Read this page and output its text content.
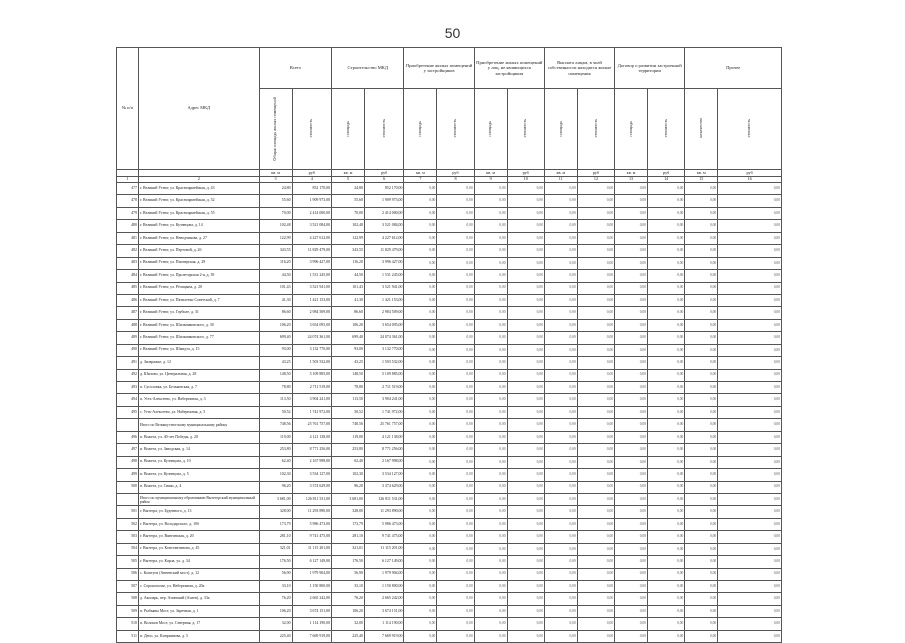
50
№ п/п	Адрес МКД	Всего		Строительство МКД		Приобретение жилых помещений у застройщиков		Приобретение жилых помещений у лиц, не являющихся застройщиком		Выплата лицам, в чьей собственности находятся жилые помещения		Договор о развитии застроенной территории		Прочее	
		Общая площадь жилых помещений	стоимость	площадь	стоимость	площадь	стоимость	площадь	стоимость	площадь	стоимость	площадь	стоимость	количество	стоимость
		кв. м	руб	кв. м	руб	кв. м	руб	кв. м	руб	кв. м	руб	кв. м	руб	кв. м	руб
1	2	3	4	5	6	7	8	9	10	11	12	13	14	15	16
477	г. Великий Устюг, ул. Красноармейская, д. 43	24,80	852 170,00	24,80	852 170,00	0,00	0,00	0,00	0,00	0,00	0,00	0,00	0,00	0,00	0,00
478	г. Великий Устюг, ул. Красноармейская, д. 52	55,60	1 909 973,00	55,60	1 909 973,00	0,00	0,00	0,00	0,00	0,00	0,00	0,00	0,00	0,00	0,00
479	г. Великий Устюг, ул. Красноармейская, д. 55	70,00	2 414 000,00	70,00	2 414 000,00	0,00	0,00	0,00	0,00	0,00	0,00	0,00	0,00	0,00	0,00
480	г. Великий Устюг, ул. Кузнецова, д. 14	102,48	3 521 084,00	102,48	3 521 084,00	0,00	0,00	0,00	0,00	0,00	0,00	0,00	0,00	0,00	0,00
481	г. Великий Устюг, ул. Неводчикова, д. 27	122,99	4 227 612,00	122,99	4 227 612,00	0,00	0,00	0,00	0,00	0,00	0,00	0,00	0,00	0,00	0,00
482	г. Великий Устюг, ул. Пертовой, д. 26	343,55	11 829 479,00	343,55	11 829 479,00	0,00	0,00	0,00	0,00	0,00	0,00	0,00	0,00	0,00	0,00
483	г. Великий Устюг, ул. Пионерская, д. 29	116,20	3 996 427,00	116,20	3 996 427,00	0,00	0,00	0,00	0,00	0,00	0,00	0,00	0,00	0,00	0,00
484	г. Великий Устюг, ул. Пролетарская 2-я, д. 39	44,50	1 531 245,00	44,50	1 531 245,00	0,00	0,00	0,00	0,00	0,00	0,00	0,00	0,00	0,00	0,00
485	г. Великий Устюг, ул. Рёлицына, д. 20	101,43	3 521 941,00	101,43	3 521 941,00	0,00	0,00	0,00	0,00	0,00	0,00	0,00	0,00	0,00	0,00
486	г. Великий Устюг, ул. Пятилетки Советской, д. 7	41,30	1 421 153,00	41,30	1 421 153,00	0,00	0,00	0,00	0,00	0,00	0,00	0,00	0,00	0,00	0,00
487	г. Великий Устюг, ул. Гаубиле, д. 31	86,60	2 984 509,00	86,60	2 984 509,00	0,00	0,00	0,00	0,00	0,00	0,00	0,00	0,00	0,00	0,00
488	г. Великий Устюг, ул. Шильниковского, д. 30	106,20	3 654 095,00	106,20	3 654 095,00	0,00	0,00	0,00	0,00	0,00	0,00	0,00	0,00	0,00	0,00
489	г. Великий Устюг, ул. Шильниковского, д. 77	699,40	24 074 361,00	699,40	24 074 361,00	0,00	0,00	0,00	0,00	0,00	0,00	0,00	0,00	0,00	0,00
490	г. Великий Устюг, ул. Шмидта, д. 15	93,00	3 132 770,00	93,00	3 132 770,00	0,00	0,00	0,00	0,00	0,00	0,00	0,00	0,00	0,00	0,00
491	д. Заовражье, д. 12	43,25	1 503 532,00	43,25	1 503 532,00	0,00	0,00	0,00	0,00	0,00	0,00	0,00	0,00	0,00	0,00
492	д. Шилово, ул. Центральная, д. 28	148,50	5 109 885,00	148,50	5 109 885,00	0,00	0,00	0,00	0,00	0,00	0,00	0,00	0,00	0,00	0,00
493	п. Сусоловка, ул. Бельковская, д. 7	78,80	2 711 519,00	78,80	2 711 519,00	0,00	0,00	0,00	0,00	0,00	0,00	0,00	0,00	0,00	0,00
494	п. Усть-Алексеево, ул. Набережная, д. 3	113,50	3 904 241,00	113,50	3 904 241,00	0,00	0,00	0,00	0,00	0,00	0,00	0,00	0,00	0,00	0,00
495	с. Усть-Алексеево, ул. Набережная, д. 5	50,52	1 741 972,00	50,52	1 741 972,00	0,00	0,00	0,00	0,00	0,00	0,00	0,00	0,00	0,00	0,00
	Итого по Великоустюгскому муниципальному району	748,56	25 761 757,00	748,56	25 761 757,00	0,00	0,00	0,00	0,00	0,00	0,00	0,00	0,00	0,00	0,00
496	п. Вожега, ул. 40-лет Победы, д. 20	119,00	4 121 138,00	119,00	4 121 138,00	0,00	0,00	0,00	0,00	0,00	0,00	0,00	0,00	0,00	0,00
497	п. Вожега, ул. Заводская, д. 14	253,80	8 771 256,00	253,80	8 771 256,00	0,00	0,00	0,00	0,00	0,00	0,00	0,00	0,00	0,00	0,00
498	п. Вожега, ул. Кузнецова, д. 10	62,40	2 167 998,00	62,40	2 167 998,00	0,00	0,00	0,00	0,00	0,00	0,00	0,00	0,00	0,00	0,00
499	п. Вожега, ул. Кузнецова, д. 5	102,30	3 534 127,00	102,30	3 534 127,00	0,00	0,00	0,00	0,00	0,00	0,00	0,00	0,00	0,00	0,00
500	п. Вожега, ул. Связи, д. 4	96,20	3 374 629,00	96,20	3 374 629,00	0,00	0,00	0,00	0,00	0,00	0,00	0,00	0,00	0,00	0,00
	Итого по муниципальному образованию Вытегорский муниципальный район	3 681,00	126 811 531,00	3 681,00	126 811 531,00	0,00	0,00	0,00	0,00	0,00	0,00	0,00	0,00	0,00	0,00
501	г. Вытегра, ул. Буденного, д. 13	328,00	11 293 890,00	328,00	11 293 890,00	0,00	0,00	0,00	0,00	0,00	0,00	0,00	0,00	0,00	0,00
502	г. Вытегра, ул. Володарского, д. 10б	173,79	5 986 473,00	173,79	5 986 473,00	0,00	0,00	0,00	0,00	0,00	0,00	0,00	0,00	0,00	0,00
503	г. Вытегра, ул. Вянгинская, д. 20	281,10	9 741 475,00	281,10	9 741 475,00	0,00	0,00	0,00	0,00	0,00	0,00	0,00	0,00	0,00	0,00
504	г. Вытегра, ул. Константинова, д. 45	321,01	11 115 201,00	321,01	11 115 201,00	0,00	0,00	0,00	0,00	0,00	0,00	0,00	0,00	0,00	0,00
505	г. Вытегра, ул. Карла, ул. д. 34	176,50	6 127 149,00	176,50	6 127 149,00	0,00	0,00	0,00	0,00	0,00	0,00	0,00	0,00	0,00	0,00
506	с. Коштуги (Анненский мост), д. 12	56,90	1 979 904,00	56,90	1 979 904,00	0,00	0,00	0,00	0,00	0,00	0,00	0,00	0,00	0,00	0,00
507	с. Сорокополье, ул. Набережная, д. 20а	33,10	1 150 800,00	33,10	1 150 800,00	0,00	0,00	0,00	0,00	0,00	0,00	0,00	0,00	0,00	0,00
508	д. Акиларь, пер. Ачинский (Ачаев), д. 33а	76,20	2 665 242,00	76,20	2 665 242,00	0,00	0,00	0,00	0,00	0,00	0,00	0,00	0,00	0,00	0,00
509	п. Рыбьявы Мост, ул. Заречная, д. 1	106,20	3 674 151,00	106,20	3 674 151,00	0,00	0,00	0,00	0,00	0,00	0,00	0,00	0,00	0,00	0,00
510	п. Волоков Мост, ул. Северная, д. 17	32,00	1 114 190,00	32,00	1 114 190,00	0,00	0,00	0,00	0,00	0,00	0,00	0,00	0,00	0,00	0,00
511	п. Депо, ул. Киприянова, д. 5	225,40	7 669 919,00	225,40	7 669 919,00	0,00	0,00	0,00	0,00	0,00	0,00	0,00	0,00	0,00	0,00
